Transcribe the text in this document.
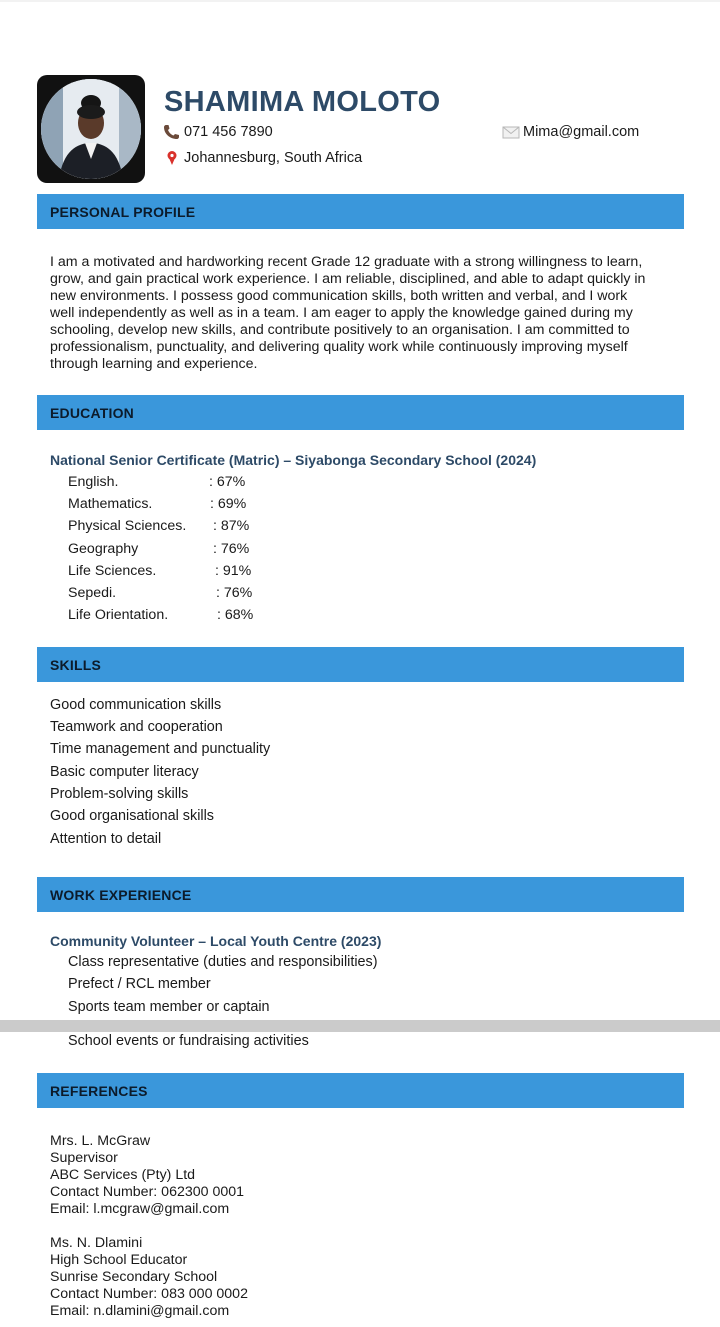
SHAMIMA MOLOTO
071 456 7890	Mima@gmail.com
Johannesburg, South Africa
PERSONAL PROFILE
I am a motivated and hardworking recent Grade 12 graduate with a strong willingness to learn,
grow, and gain practical work experience. I am reliable, disciplined, and able to adapt quickly in
new environments. I possess good communication skills, both written and verbal, and I work
well independently as well as in a team. I am eager to apply the knowledge gained during my
schooling, develop new skills, and contribute positively to an organisation. I am committed to
professionalism, punctuality, and delivering quality work while continuously improving myself
through learning and experience.
EDUCATION
National Senior Certificate (Matric) – Siyabonga Secondary School (2024)
English.	: 67%
Mathematics.	: 69%
Physical Sciences. : 87%
Geography	: 76%
Life Sciences.	: 91%
Sepedi.	: 76%
Life Orientation.	: 68%
SKILLS
Good communication skills
Teamwork and cooperation
Time management and punctuality
Basic computer literacy
Problem-solving skills
Good organisational skills
Attention to detail
WORK EXPERIENCE
Community Volunteer – Local Youth Centre (2023)
Class representative (duties and responsibilities)
Prefect / RCL member
Sports team member or captain
School events or fundraising activities
REFERENCES
Mrs. L. McGraw
Supervisor
ABC Services (Pty) Ltd
Contact Number: 062300 0001
Email: l.mcgraw@gmail.com
Ms. N. Dlamini
High School Educator
Sunrise Secondary School
Contact Number: 083 000 0002
Email: n.dlamini@gmail.com
